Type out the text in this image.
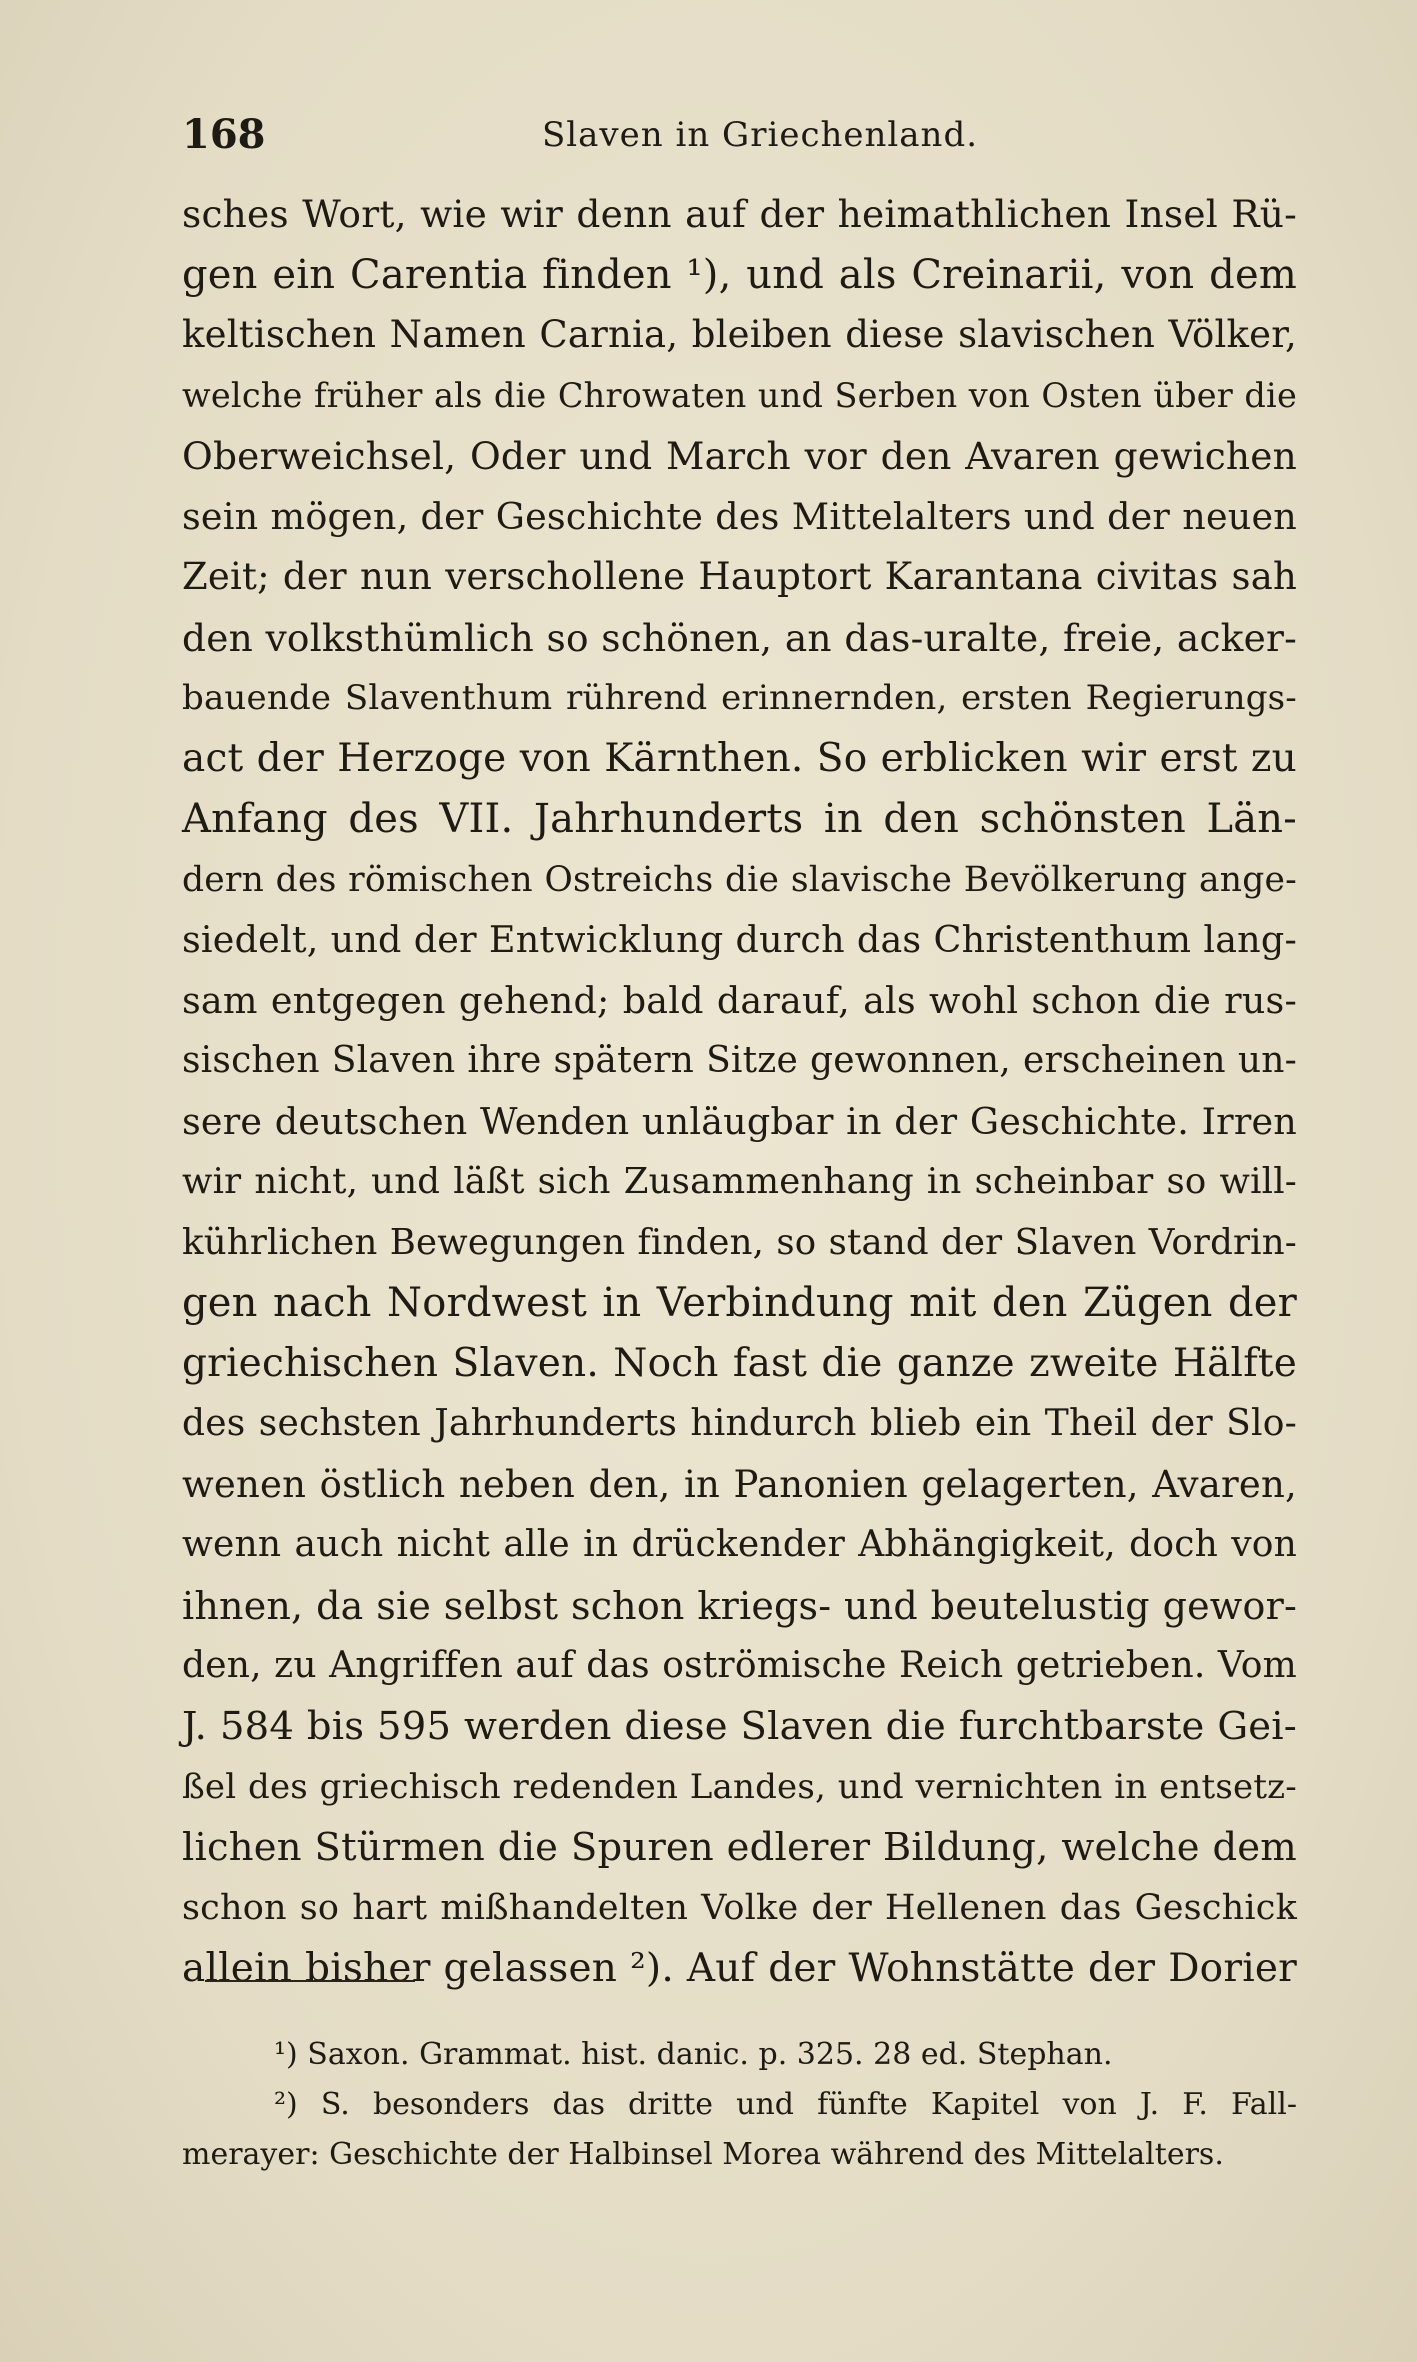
168	Slaven in Griechenland.
sches Wort, wie wir denn auf der heimathlichen Insel Rü-
gen ein Carentia finden ¹), und als Creinarii, von dem
keltischen Namen Carnia, bleiben diese slavischen Völker,
welche früher als die Chrowaten und Serben von Osten über die
Oberweichsel, Oder und March vor den Avaren gewichen
sein mögen, der Geschichte des Mittelalters und der neuen
Zeit; der nun verschollene Hauptort Karantana civitas sah
den volksthümlich so schönen, an das-uralte, freie, acker-
bauende Slaventhum rührend erinnernden, ersten Regierungs-
act der Herzoge von Kärnthen. So erblicken wir erst zu
Anfang des VII. Jahrhunderts in den schönsten Län-
dern des römischen Ostreichs die slavische Bevölkerung ange-
siedelt, und der Entwicklung durch das Christenthum lang-
sam entgegen gehend; bald darauf, als wohl schon die rus-
sischen Slaven ihre spätern Sitze gewonnen, erscheinen un-
sere deutschen Wenden unläugbar in der Geschichte. Irren
wir nicht, und läßt sich Zusammenhang in scheinbar so will-
kührlichen Bewegungen finden, so stand der Slaven Vordrin-
gen nach Nordwest in Verbindung mit den Zügen der
griechischen Slaven. Noch fast die ganze zweite Hälfte
des sechsten Jahrhunderts hindurch blieb ein Theil der Slo-
wenen östlich neben den, in Panonien gelagerten, Avaren,
wenn auch nicht alle in drückender Abhängigkeit, doch von
ihnen, da sie selbst schon kriegs- und beutelustig gewor-
den, zu Angriffen auf das oströmische Reich getrieben. Vom
J. 584 bis 595 werden diese Slaven die furchtbarste Gei-
ßel des griechisch redenden Landes, und vernichten in entsetz-
lichen Stürmen die Spuren edlerer Bildung, welche dem
schon so hart mißhandelten Volke der Hellenen das Geschick
allein bisher gelassen ²). Auf der Wohnstätte der Dorier
¹) Saxon. Grammat. hist. danic. p. 325. 28 ed. Stephan.
²) S. besonders das dritte und fünfte Kapitel von J. F. Fall-
merayer: Geschichte der Halbinsel Morea während des Mittelalters.
